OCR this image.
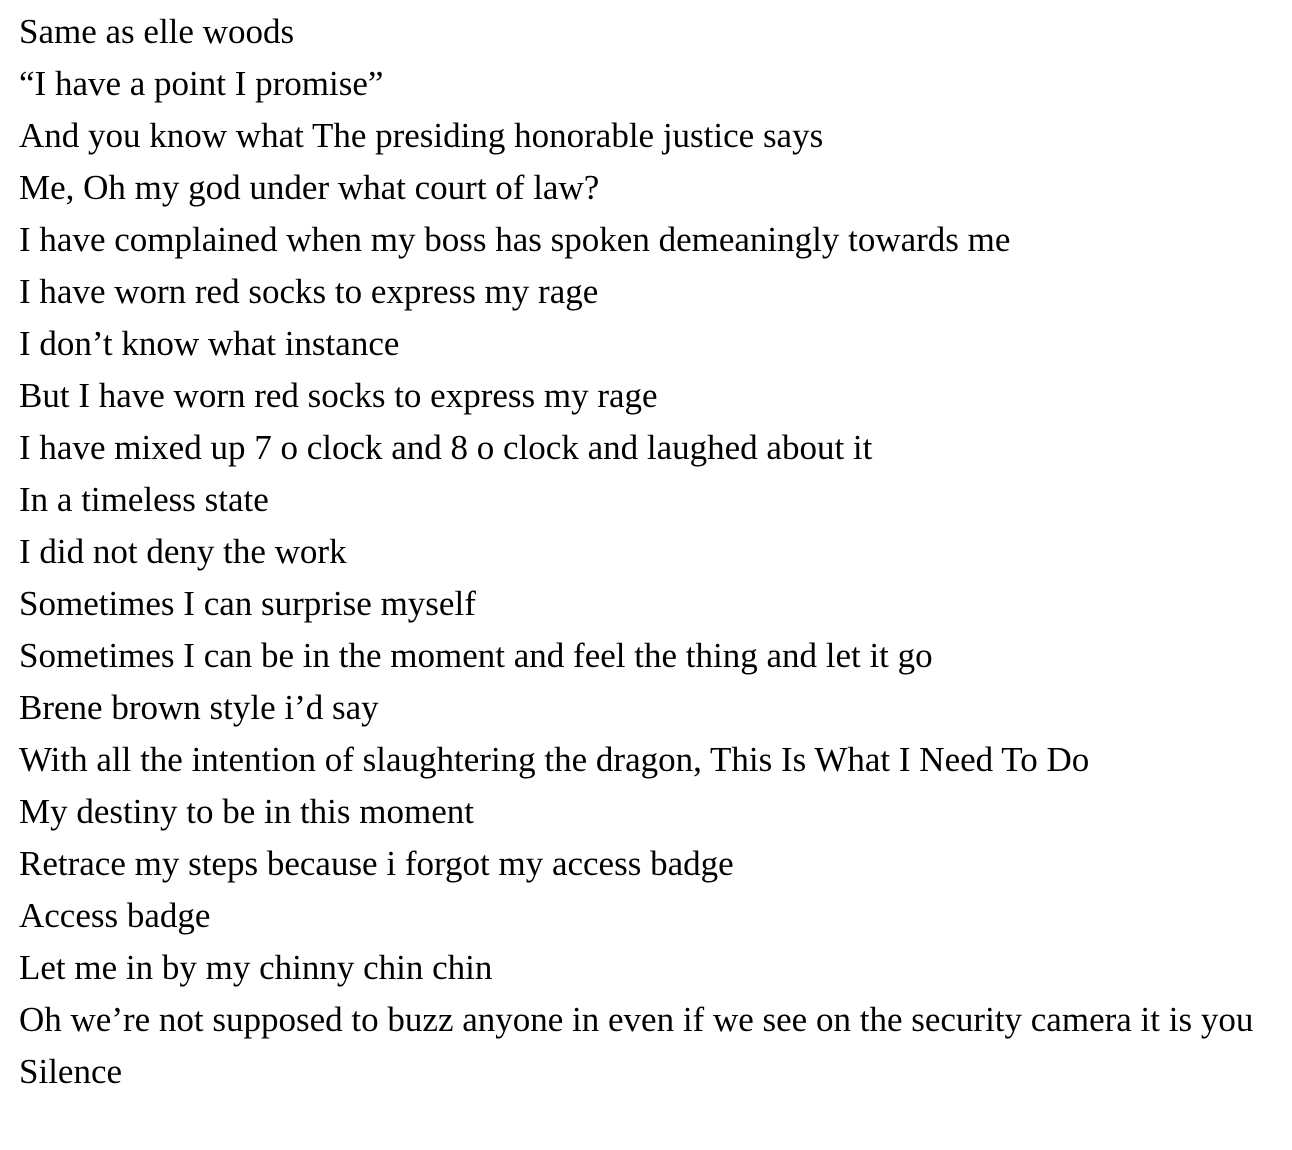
Same as elle woods

“I have a point I promise”

And you know what The presiding honorable justice says

Me, Oh my god under what court of law?

I have complained when my boss has spoken demeaningly towards me

I have worn red socks to express my rage

I don’t know what instance

But I have worn red socks to express my rage

I have mixed up 7 o clock and 8 o clock and laughed about it

In a timeless state

I did not deny the work

Sometimes I can surprise myself

Sometimes I can be in the moment and feel the thing and let it go

Brene brown style i’d say

With all the intention of slaughtering the dragon, This Is What I Need To Do

My destiny to be in this moment

Retrace my steps because i forgot my access badge

Access badge

Let me in by my chinny chin chin

Oh we’re not supposed to buzz anyone in even if we see on the security camera it is you

Silence
